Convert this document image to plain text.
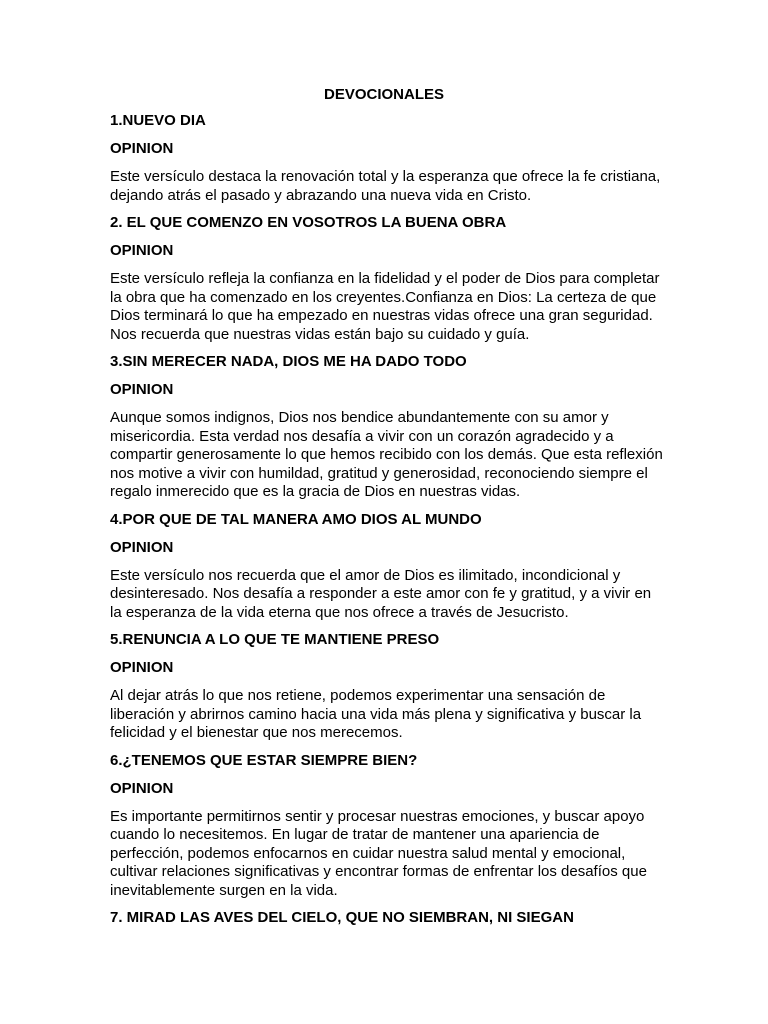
DEVOCIONALES
1.NUEVO DIA
OPINION
Este versículo destaca la renovación total y la esperanza que ofrece la fe cristiana, dejando atrás el pasado y abrazando una nueva vida en Cristo.
2. EL QUE COMENZO EN VOSOTROS LA BUENA OBRA
OPINION
Este versículo refleja la confianza en la fidelidad y el poder de Dios para completar la obra que ha comenzado en los creyentes.Confianza en Dios: La certeza de que Dios terminará lo que ha empezado en nuestras vidas ofrece una gran seguridad. Nos recuerda que nuestras vidas están bajo su cuidado y guía.
3.SIN MERECER NADA, DIOS ME HA DADO TODO
OPINION
Aunque somos indignos, Dios nos bendice abundantemente con su amor y misericordia. Esta verdad nos desafía a vivir con un corazón agradecido y a compartir generosamente lo que hemos recibido con los demás. Que esta reflexión nos motive a vivir con humildad, gratitud y generosidad, reconociendo siempre el regalo inmerecido que es la gracia de Dios en nuestras vidas.
4.POR QUE DE TAL MANERA AMO DIOS AL MUNDO
OPINION
Este versículo nos recuerda que el amor de Dios es ilimitado, incondicional y desinteresado. Nos desafía a responder a este amor con fe y gratitud, y a vivir en la esperanza de la vida eterna que nos ofrece a través de Jesucristo.
5.RENUNCIA A LO QUE TE MANTIENE PRESO
OPINION
Al dejar atrás lo que nos retiene, podemos experimentar una sensación de liberación y abrirnos camino hacia una vida más plena y significativa y buscar la felicidad y el bienestar que nos merecemos.
6.¿TENEMOS QUE ESTAR SIEMPRE BIEN?
OPINION
Es importante permitirnos sentir y procesar nuestras emociones, y buscar apoyo cuando lo necesitemos. En lugar de tratar de mantener una apariencia de perfección, podemos enfocarnos en cuidar nuestra salud mental y emocional, cultivar relaciones significativas y encontrar formas de enfrentar los desafíos que inevitablemente surgen en la vida.
7. MIRAD LAS AVES DEL CIELO, QUE NO SIEMBRAN, NI SIEGAN
